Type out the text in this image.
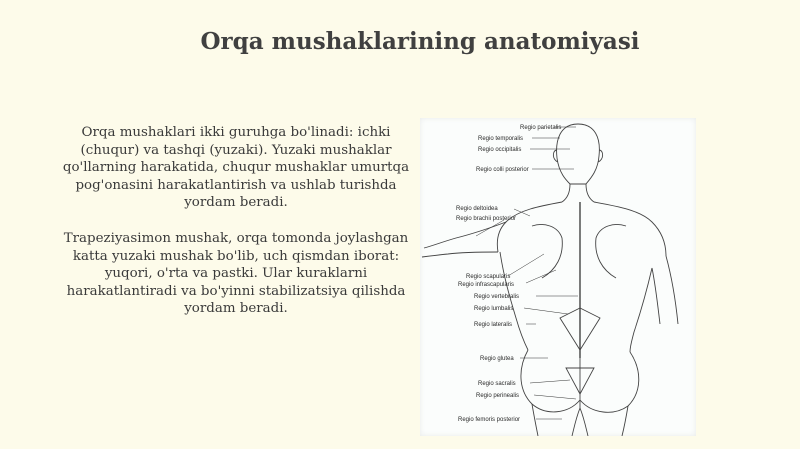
Orqa mushaklarining anatomiyasi

Orqa mushaklari ikki guruhga bo'linadi: ichki (chuqur) va tashqi (yuzaki). Yuzaki mushaklar qo'llarning harakatida, chuqur mushaklar umurtqa pog'onasini harakatlantirish va ushlab turishda yordam beradi.

Trapeziyasimon mushak, orqa tomonda joylashgan katta yuzaki mushak bo'lib, uch qismdan iborat: yuqori, o'rta va pastki. Ular kuraklarni harakatlantiradi va bo'yinni stabilizatsiya qilishda yordam beradi.

Regio parietalis
Regio temporalis
Regio occipitalis
Regio colli posterior
Regio deltoidea
Regio brachii posterior
Regio scapularis
Regio infrascapularis
Regio vertebralis
Regio lumbalis
Regio lateralis
Regio glutea
Regio sacralis
Regio perinealis
Regio femoris posterior
